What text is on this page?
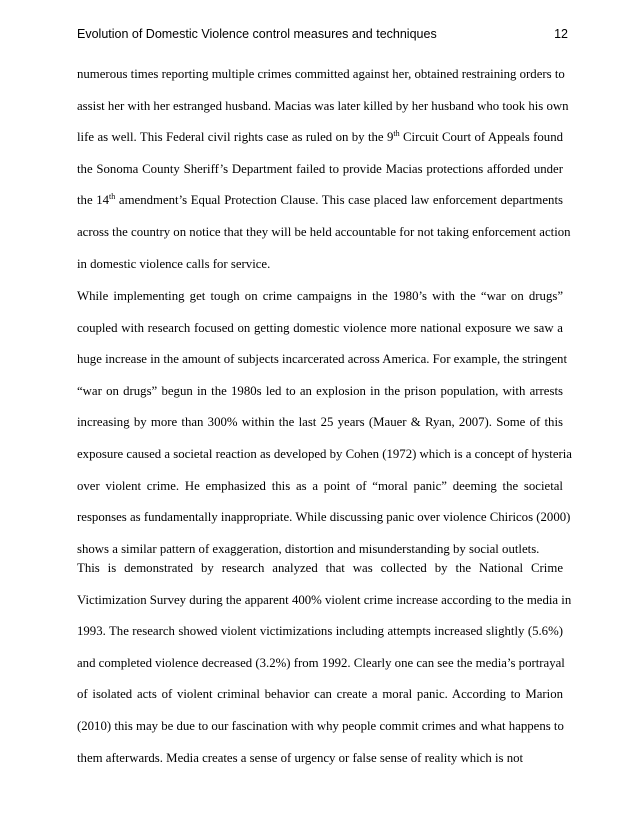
Evolution of Domestic Violence control measures and techniques	12
numerous times reporting multiple crimes committed against her, obtained restraining orders to
assist her with her estranged husband. Macias was later killed by her husband who took his own
life as well. This Federal civil rights case as ruled on by the 9th Circuit Court of Appeals found
the Sonoma County Sheriff’s Department failed to provide Macias protections afforded under
the 14th amendment’s Equal Protection Clause. This case placed law enforcement departments
across the country on notice that they will be held accountable for not taking enforcement action
in domestic violence calls for service.
While implementing get tough on crime campaigns in the 1980’s with the “war on drugs”
coupled with research focused on getting domestic violence more national exposure we saw a
huge increase in the amount of subjects incarcerated across America. For example, the stringent
“war on drugs” begun in the 1980s led to an explosion in the prison population, with arrests
increasing by more than 300% within the last 25 years (Mauer & Ryan, 2007). Some of this
exposure caused a societal reaction as developed by Cohen (1972) which is a concept of hysteria
over violent crime. He emphasized this as a point of “moral panic” deeming the societal
responses as fundamentally inappropriate. While discussing panic over violence Chiricos (2000)
shows a similar pattern of exaggeration, distortion and misunderstanding by social outlets.
This is demonstrated by research analyzed that was collected by the National Crime
Victimization Survey during the apparent 400% violent crime increase according to the media in
1993. The research showed violent victimizations including attempts increased slightly (5.6%)
and completed violence decreased (3.2%) from 1992. Clearly one can see the media’s portrayal
of isolated acts of violent criminal behavior can create a moral panic. According to Marion
(2010) this may be due to our fascination with why people commit crimes and what happens to
them afterwards. Media creates a sense of urgency or false sense of reality which is not
